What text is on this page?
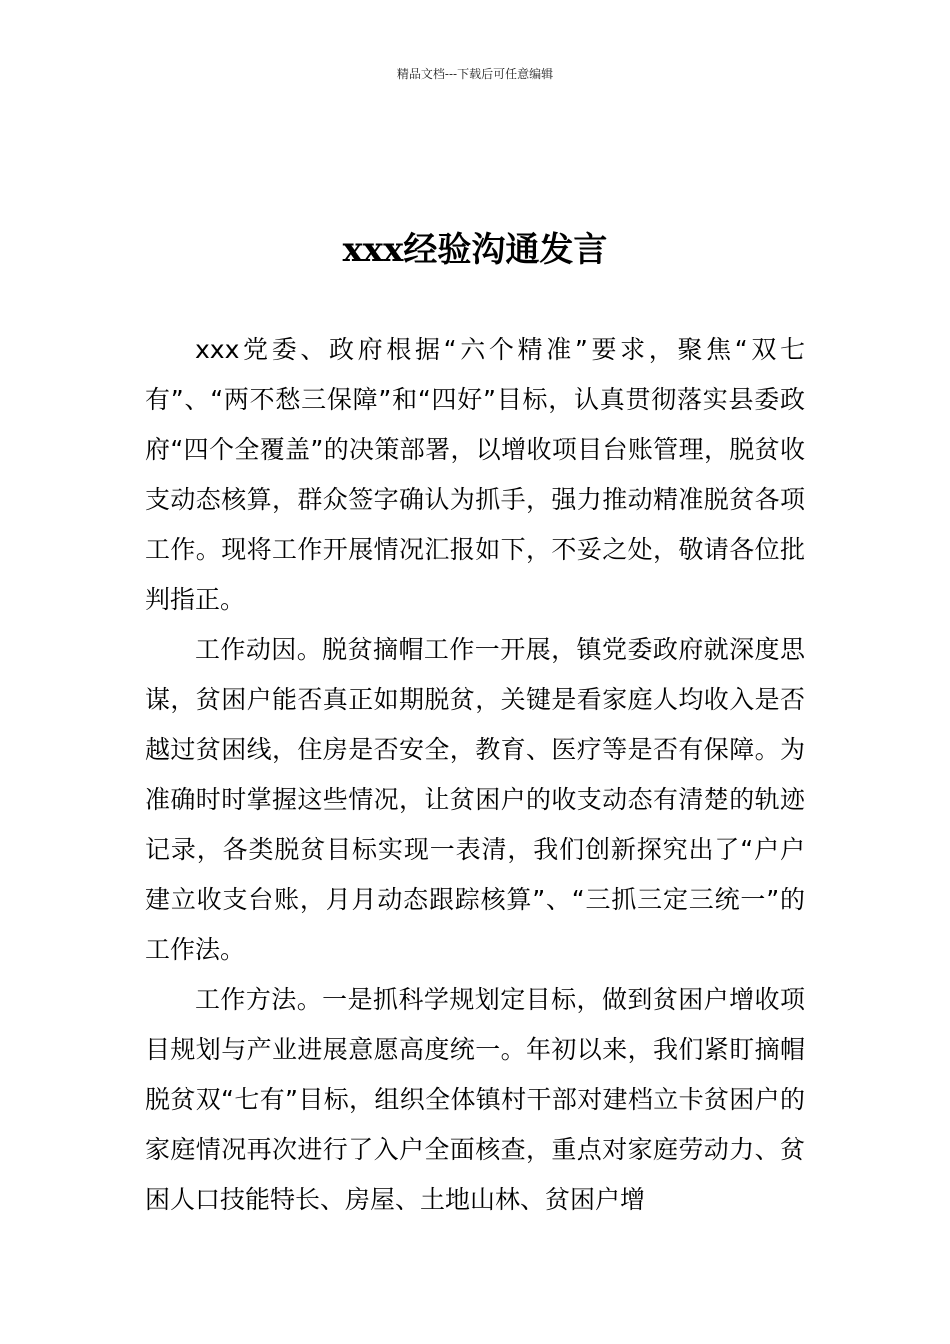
精品文档---下载后可任意编辑
xxx经验沟通发言

xxx党委、政府根据“六个精准”要求，聚焦“双七有”、“两不愁三保障”和“四好”目标，认真贯彻落实县委政府“四个全覆盖”的决策部署，以增收项目台账管理，脱贫收支动态核算，群众签字确认为抓手，强力推动精准脱贫各项工作。现将工作开展情况汇报如下，不妥之处，敬请各位批判指正。

工作动因。脱贫摘帽工作一开展，镇党委政府就深度思谋，贫困户能否真正如期脱贫，关键是看家庭人均收入是否越过贫困线，住房是否安全，教育、医疗等是否有保障。为准确时时掌握这些情况，让贫困户的收支动态有清楚的轨迹记录，各类脱贫目标实现一表清，我们创新探究出了“户户建立收支台账，月月动态跟踪核算”、“三抓三定三统一”的工作法。

工作方法。一是抓科学规划定目标，做到贫困户增收项目规划与产业进展意愿高度统一。年初以来，我们紧盯摘帽脱贫双“七有”目标，组织全体镇村干部对建档立卡贫困户的家庭情况再次进行了入户全面核查，重点对家庭劳动力、贫困人口技能特长、房屋、土地山林、贫困户增
